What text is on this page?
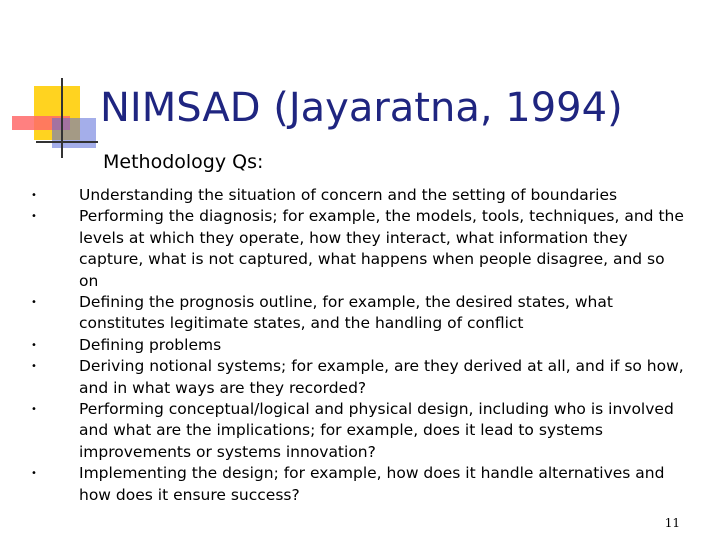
NIMSAD (Jayaratna, 1994)
Methodology Qs:
•	Understanding the situation of concern and the setting of boundaries
•	Performing the diagnosis; for example, the models, tools, techniques, and the levels at which they operate, how they interact, what information they capture, what is not captured, what happens when people disagree, and so on
•	Defining the prognosis outline, for example, the desired states, what constitutes legitimate states, and the handling of conflict
•	Defining problems
•	Deriving notional systems; for example, are they derived at all, and if so how, and in what ways are they recorded?
•	Performing conceptual/logical and physical design, including who is involved and what are the implications; for example, does it lead to systems improvements or systems innovation?
•	Implementing the design; for example, how does it handle alternatives and how does it ensure success?
11
